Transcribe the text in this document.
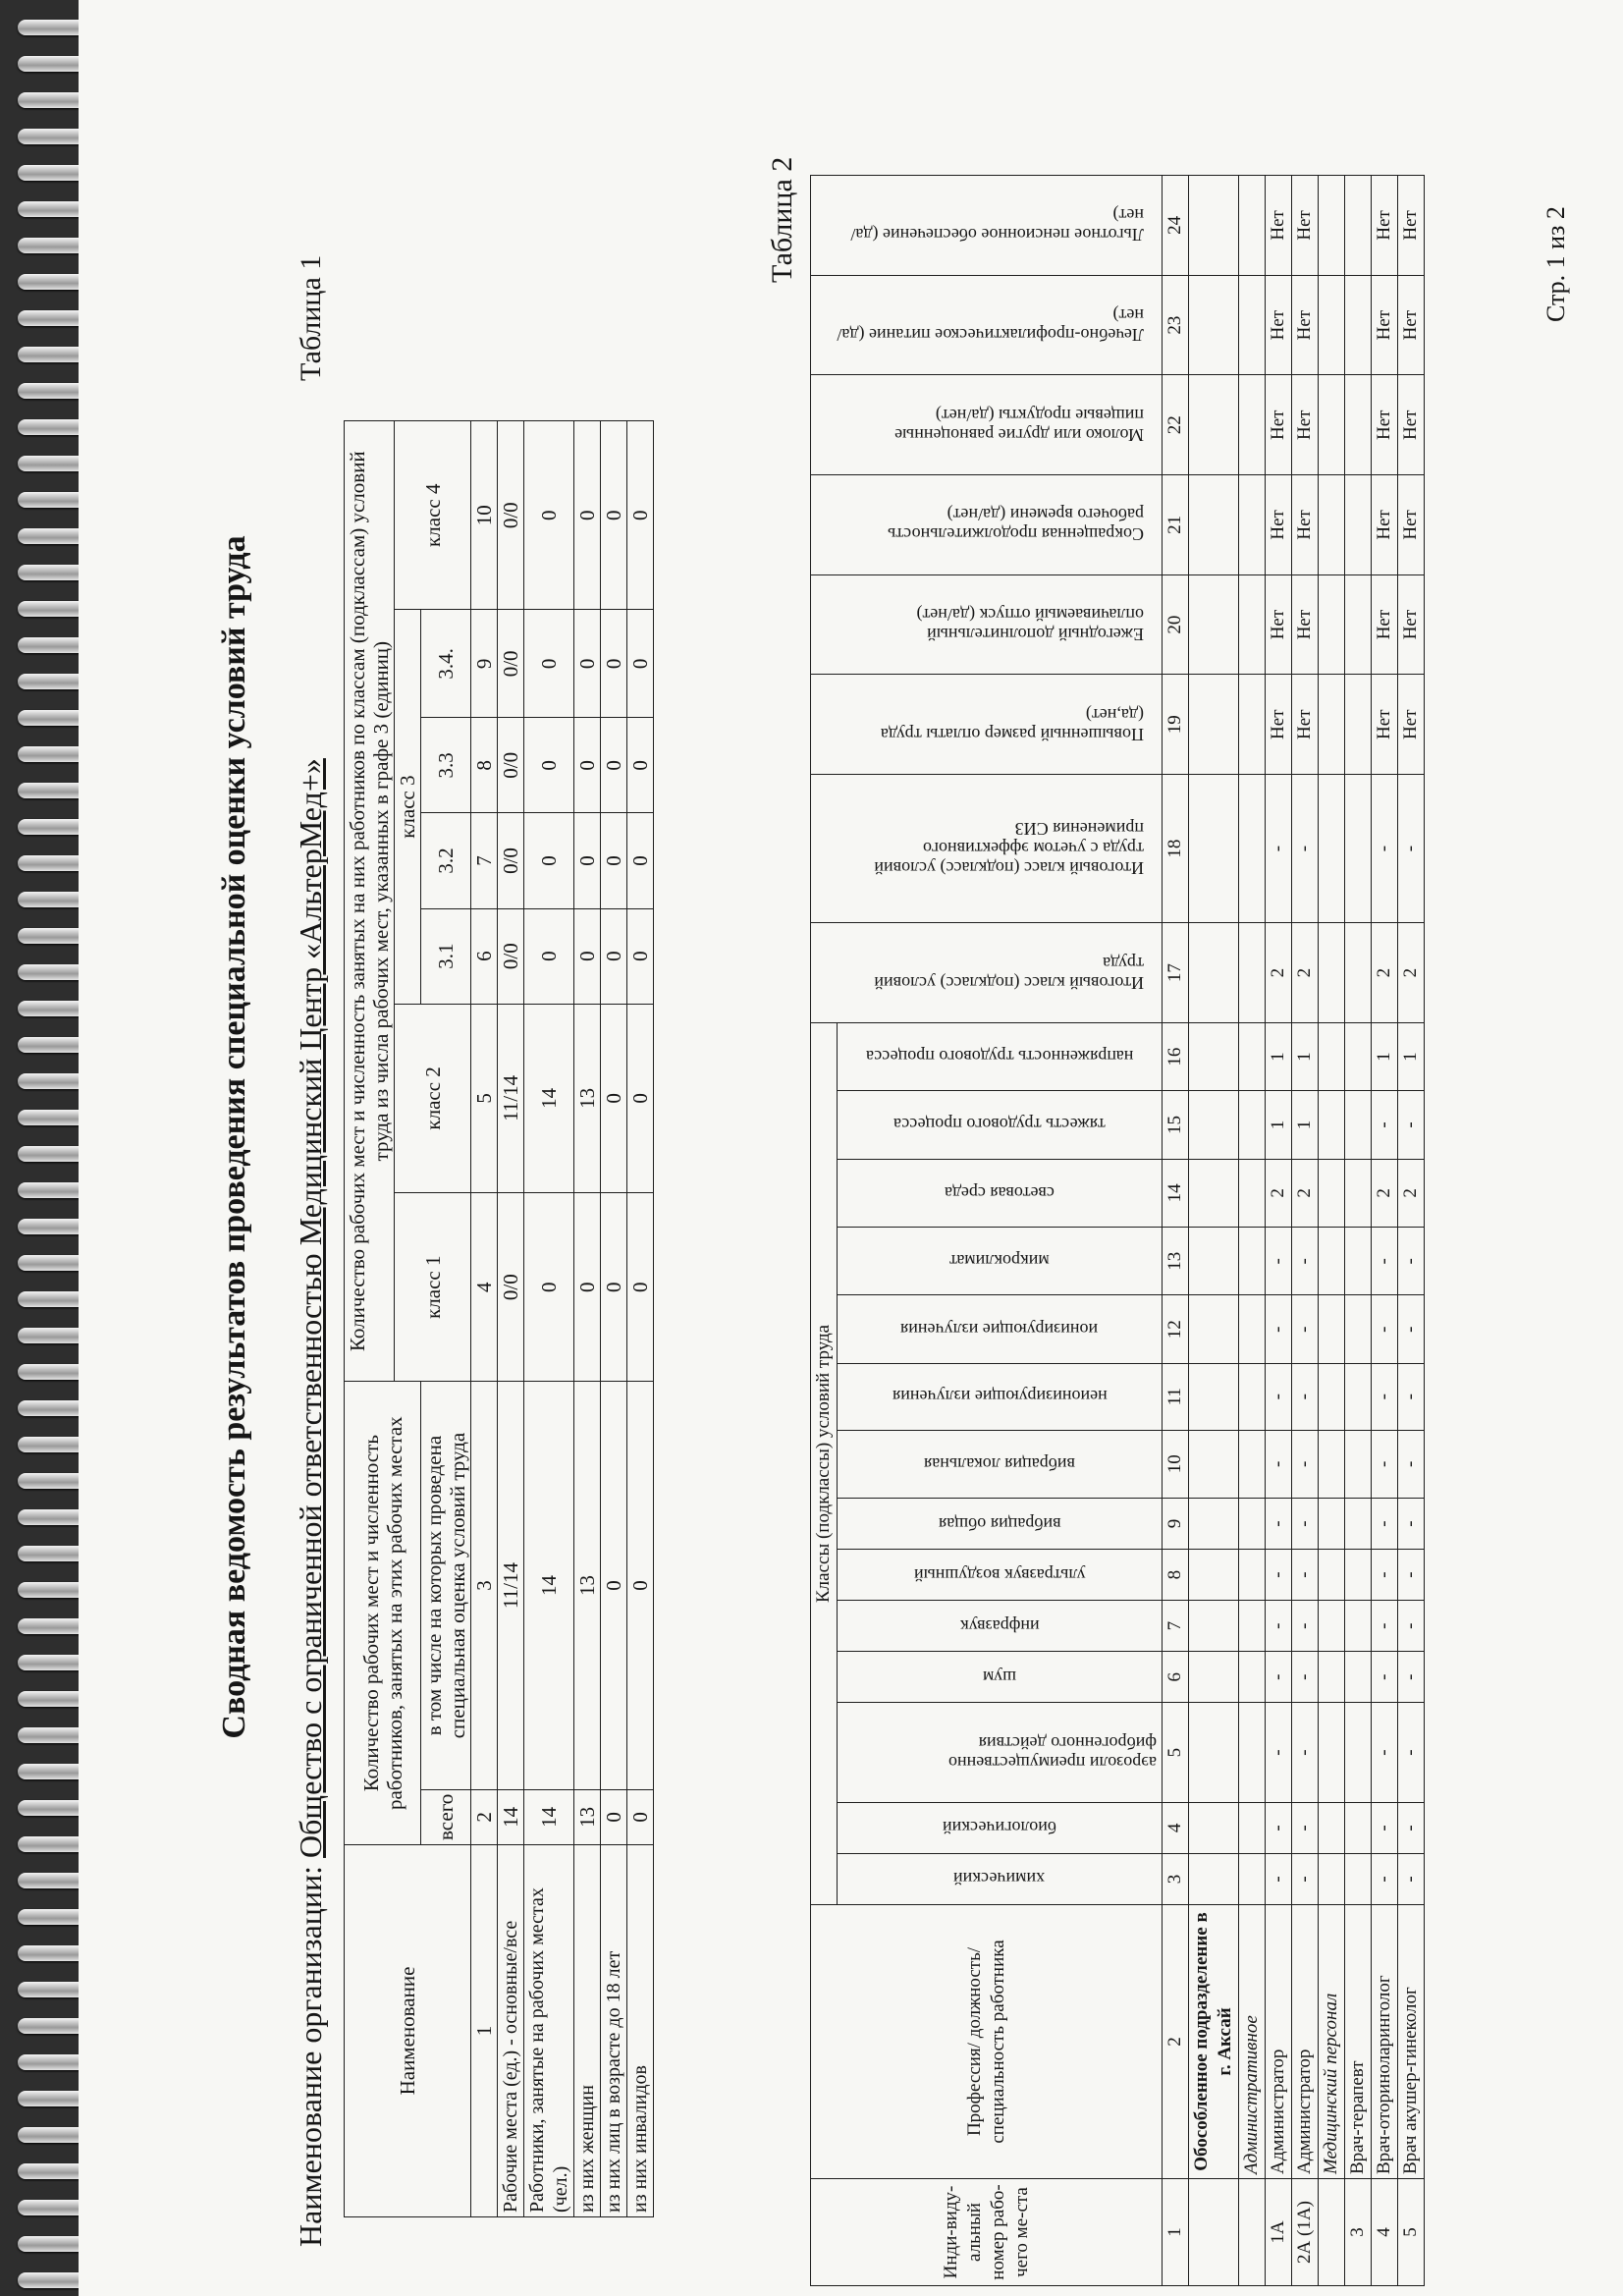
Сводная ведомость результатов проведения специальной оценки условий труда
Наименование организации: Общество с ограниченной ответственностью Медицинский Центр «АльтерМед+»
Таблица 1
Наименование	Количество рабочих мест и численность работников, занятых на этих рабочих местах		Количество рабочих мест и численность занятых на них работников по классам (подклассам) условий труда из числа рабочих мест, указанных в графе 3 (единиц)						
			класс 1	класс 2	класс 3				класс 4
	всего	в том числе на которых проведена специальная оценка условий труда			3.1	3.2	3.3	3.4.	
1	2	3	4	5	6	7	8	9	10
Рабочие места (ед.) - основные/все	14	11/14	0/0	11/14	0/0	0/0	0/0	0/0	0/0
Работники, занятые на рабочих местах (чел.)	14	14	0	14	0	0	0	0	0
из них женщин	13	13	0	13	0	0	0	0	0
из них лиц в возрасте до 18 лет	0	0	0	0	0	0	0	0	0
из них инвалидов	0	0	0	0	0	0	0	0	0
Таблица 2
Инди-виду-альный номер рабо-чего ме-ста	Профессия/ должность/ специальность работника	Классы (подклассы) условий труда														Итоговый класс (подкласс) условий труда	Итоговый класс (подкласс) условий труда с учетом эффективного применения СИЗ	Повышенный размер оплаты труда (да,нет)	Ежегодный дополнительный оплачиваемый отпуск (да/нет)	Сокращенная продолжительность рабочего времени (да/нет)	Молоко или другие равноценные пищевые продукты (да/нет)	Лечебно-профилактическое питание (да/нет)	Льготное пенсионное обеспечение (да/нет)

		химический	биологический	аэрозоли преимущественно фиброгенного действия	шум	инфразвук	ультразвук воздушный	вибрация общая	вибрация локальная	неионизирующие излучения	ионизирующие излучения	микроклимат	световая среда	тяжесть трудового процесса	напряженность трудового процесса								

1	2	3	4	5	6	7	8	9	10	11	12	13	14	15	16	17	18	19	20	21	22	23	24
	Обособленное подразделение в г. Аксай																						
	Административное																						
1А	Администратор	-	-	-	-	-	-	-	-	-	-	-	2	1	1	2	-	Нет	Нет	Нет	Нет	Нет	Нет
2А (1А)	Администратор	-	-	-	-	-	-	-	-	-	-	-	2	1	1	2	-	Нет	Нет	Нет	Нет	Нет	Нет
	Медицинский персонал																						
3	Врач-терапевт																						
4	Врач-оториноларинголог	-	-	-	-	-	-	-	-	-	-	-	2	-	1	2	-	Нет	Нет	Нет	Нет	Нет	Нет
5	Врач акушер-гинеколог	-	-	-	-	-	-	-	-	-	-	-	2	-	1	2	-	Нет	Нет	Нет	Нет	Нет	Нет	Стр. 1 из 2
